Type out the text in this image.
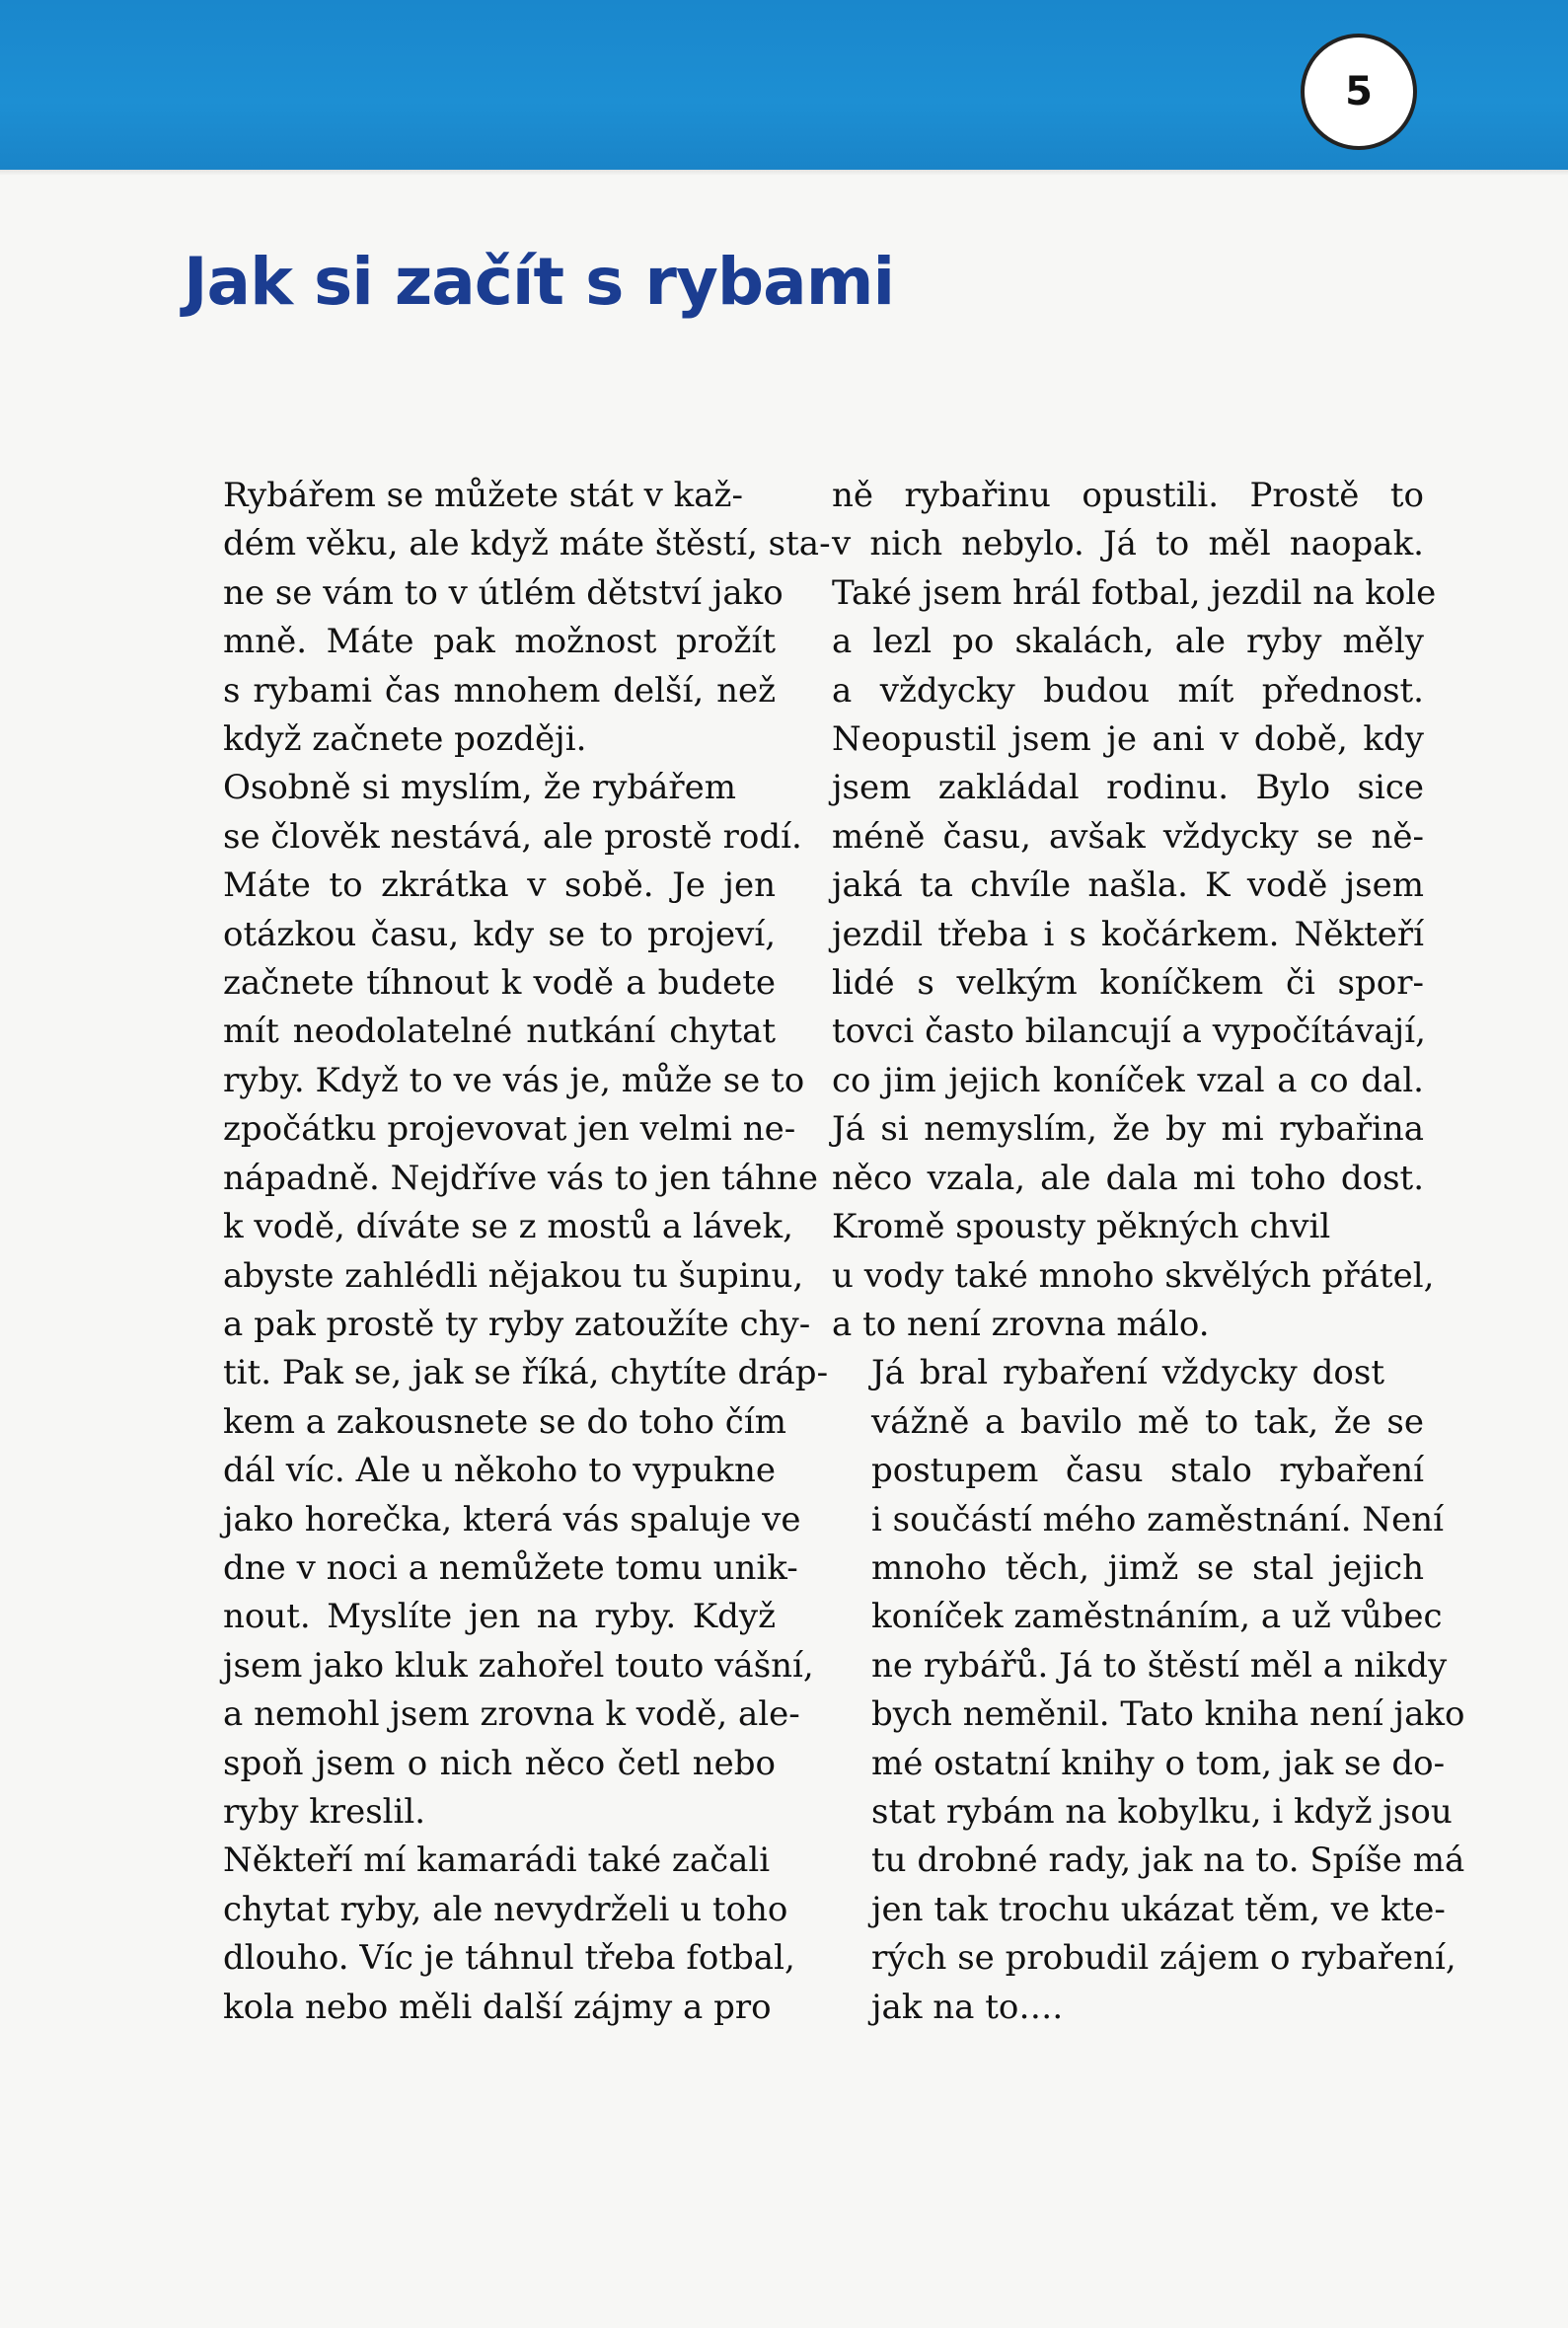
5
Jak si začít s rybami

Rybářem se můžete stát v kaž-
dém věku, ale když máte štěstí, sta-
ne se vám to v útlém dětství jako
mně. Máte pak možnost prožít
s rybami čas mnohem delší, než
když začnete později.

Osobně si myslím, že rybářem
se člověk nestává, ale prostě rodí.
Máte to zkrátka v sobě. Je jen
otázkou času, kdy se to projeví,
začnete tíhnout k vodě a budete
mít neodolatelné nutkání chytat
ryby. Když to ve vás je, může se to
zpočátku projevovat jen velmi ne-
nápadně. Nejdříve vás to jen táhne
k vodě, díváte se z mostů a lávek,
abyste zahlédli nějakou tu šupinu,
a pak prostě ty ryby zatoužíte chy-
tit. Pak se, jak se říká, chytíte dráp-
kem a zakousnete se do toho čím
dál víc. Ale u někoho to vypukne
jako horečka, která vás spaluje ve
dne v noci a nemůžete tomu unik-
nout. Myslíte jen na ryby. Když
jsem jako kluk zahořel touto vášní,
a nemohl jsem zrovna k vodě, ale-
spoň jsem o nich něco četl nebo
ryby kreslil.

Někteří mí kamarádi také začali
chytat ryby, ale nevydrželi u toho
dlouho. Víc je táhnul třeba fotbal,
kola nebo měli další zájmy a pro

ně rybařinu opustili. Prostě to
v nich nebylo. Já to měl naopak.
Také jsem hrál fotbal, jezdil na kole
a lezl po skalách, ale ryby měly
a vždycky budou mít přednost.
Neopustil jsem je ani v době, kdy
jsem zakládal rodinu. Bylo sice
méně času, avšak vždycky se ně-
jaká ta chvíle našla. K vodě jsem
jezdil třeba i s kočárkem. Někteří
lidé s velkým koníčkem či spor-
tovci často bilancují a vypočítávají,
co jim jejich koníček vzal a co dal.
Já si nemyslím, že by mi rybařina
něco vzala, ale dala mi toho dost.
Kromě spousty pěkných chvil
u vody také mnoho skvělých přátel,
a to není zrovna málo.

Já bral rybaření vždycky dost
vážně a bavilo mě to tak, že se
postupem času stalo rybaření
i součástí mého zaměstnání. Není
mnoho těch, jimž se stal jejich
koníček zaměstnáním, a už vůbec
ne rybářů. Já to štěstí měl a nikdy
bych neměnil. Tato kniha není jako
mé ostatní knihy o tom, jak se do-
stat rybám na kobylku, i když jsou
tu drobné rady, jak na to. Spíše má
jen tak trochu ukázat těm, ve kte-
rých se probudil zájem o rybaření,
jak na to….
